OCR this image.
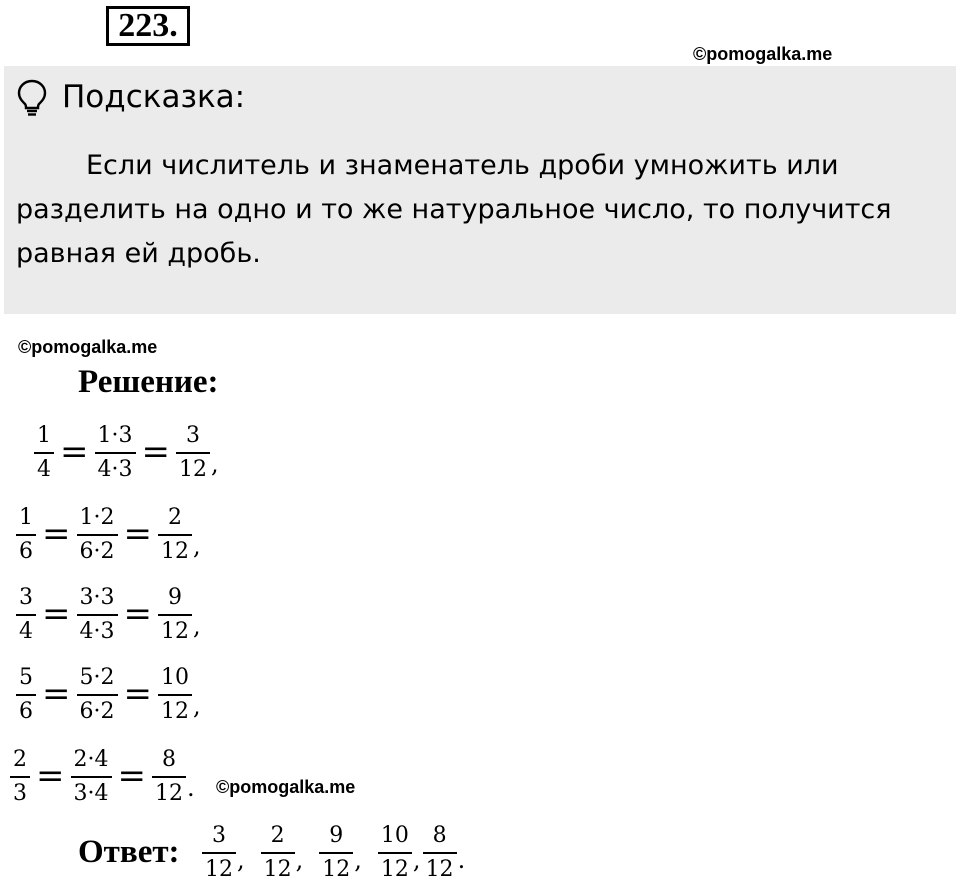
223.
©pomogalka.me
Подсказка:

Если числитель и знаменатель дроби умножить или разделить на одно и то же натуральное число, то получится равная ей дробь.

©pomogalka.me
Решение:
$\frac{1}{4} = \frac{1\cdot 3}{4\cdot 3} = \frac{3}{12}$ ,
$\frac{1}{6} = \frac{1\cdot 2}{6\cdot 2} = \frac{2}{12}$ ,
$\frac{3}{4} = \frac{3\cdot 3}{4\cdot 3} = \frac{9}{12}$ ,
$\frac{5}{6} = \frac{5\cdot 2}{6\cdot 2} = \frac{10}{12}$ ,
$\frac{2}{3} = \frac{2\cdot 4}{3\cdot 4} = \frac{8}{12}$ . ©pomogalka.me
Ответ: $\frac{3}{12}$ , $\frac{2}{12}$ , $\frac{9}{12}$ , $\frac{10}{12}$ , $\frac{8}{12}$ .
